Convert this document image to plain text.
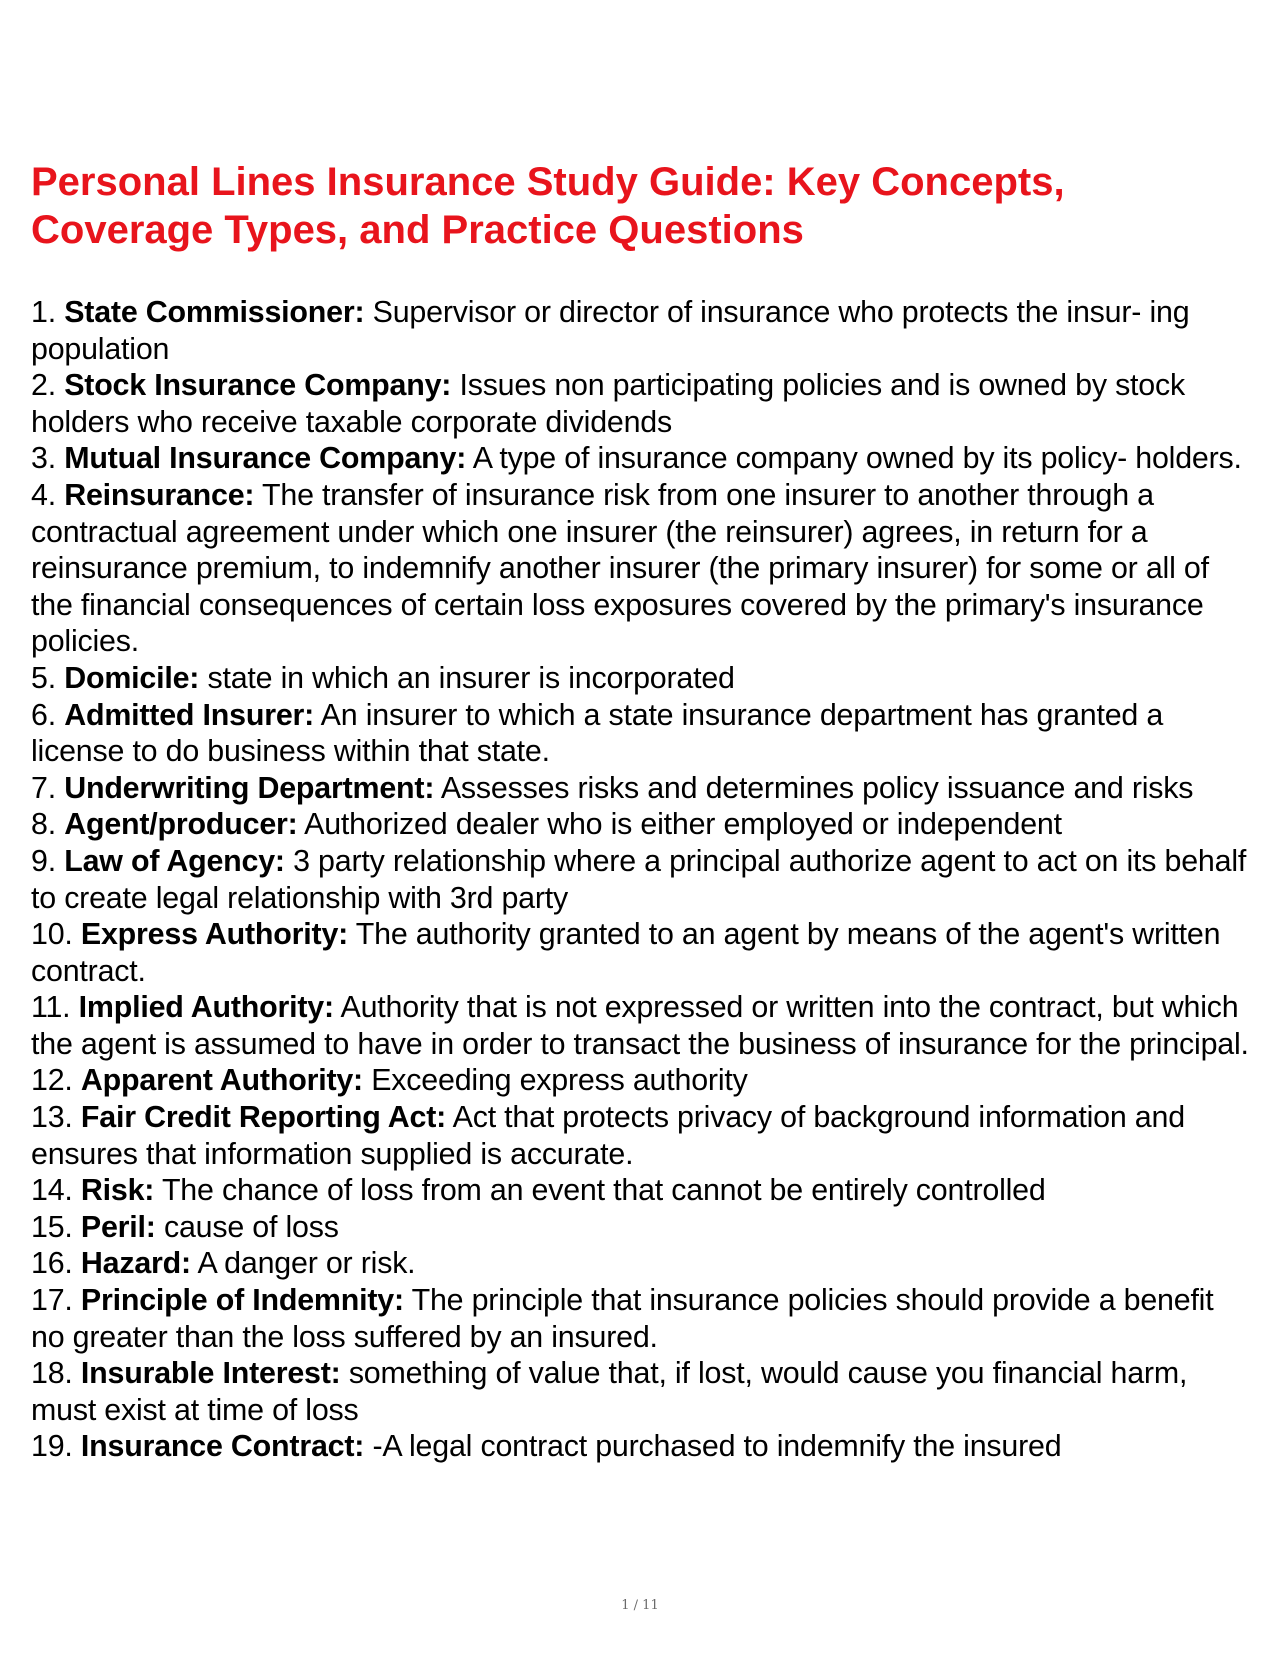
Personal Lines Insurance Study Guide: Key Concepts, Coverage Types, and Practice Questions

1. State Commissioner: Supervisor or director of insurance who protects the insur- ing population

2. Stock Insurance Company: Issues non participating policies and is owned by stock holders who receive taxable corporate dividends

3. Mutual Insurance Company: A type of insurance company owned by its policy- holders.

4. Reinsurance: The transfer of insurance risk from one insurer to another through a contractual agreement under which one insurer (the reinsurer) agrees, in return for a reinsurance premium, to indemnify another insurer (the primary insurer) for some or all of the financial consequences of certain loss exposures covered by the primary's insurance policies.

5. Domicile: state in which an insurer is incorporated

6. Admitted Insurer: An insurer to which a state insurance department has granted a license to do business within that state.

7. Underwriting Department: Assesses risks and determines policy issuance and risks

8. Agent/producer: Authorized dealer who is either employed or independent

9. Law of Agency: 3 party relationship where a principal authorize agent to act on its behalf to create legal relationship with 3rd party

10. Express Authority: The authority granted to an agent by means of the agent's written contract.

11. Implied Authority: Authority that is not expressed or written into the contract, but which the agent is assumed to have in order to transact the business of insurance for the principal.

12. Apparent Authority: Exceeding express authority

13. Fair Credit Reporting Act: Act that protects privacy of background information and ensures that information supplied is accurate.

14. Risk: The chance of loss from an event that cannot be entirely controlled

15. Peril: cause of loss

16. Hazard: A danger or risk.

17. Principle of Indemnity: The principle that insurance policies should provide a benefit no greater than the loss suffered by an insured.

18. Insurable Interest: something of value that, if lost, would cause you financial harm, must exist at time of loss

19. Insurance Contract: -A legal contract purchased to indemnify the insured

1 / 11
